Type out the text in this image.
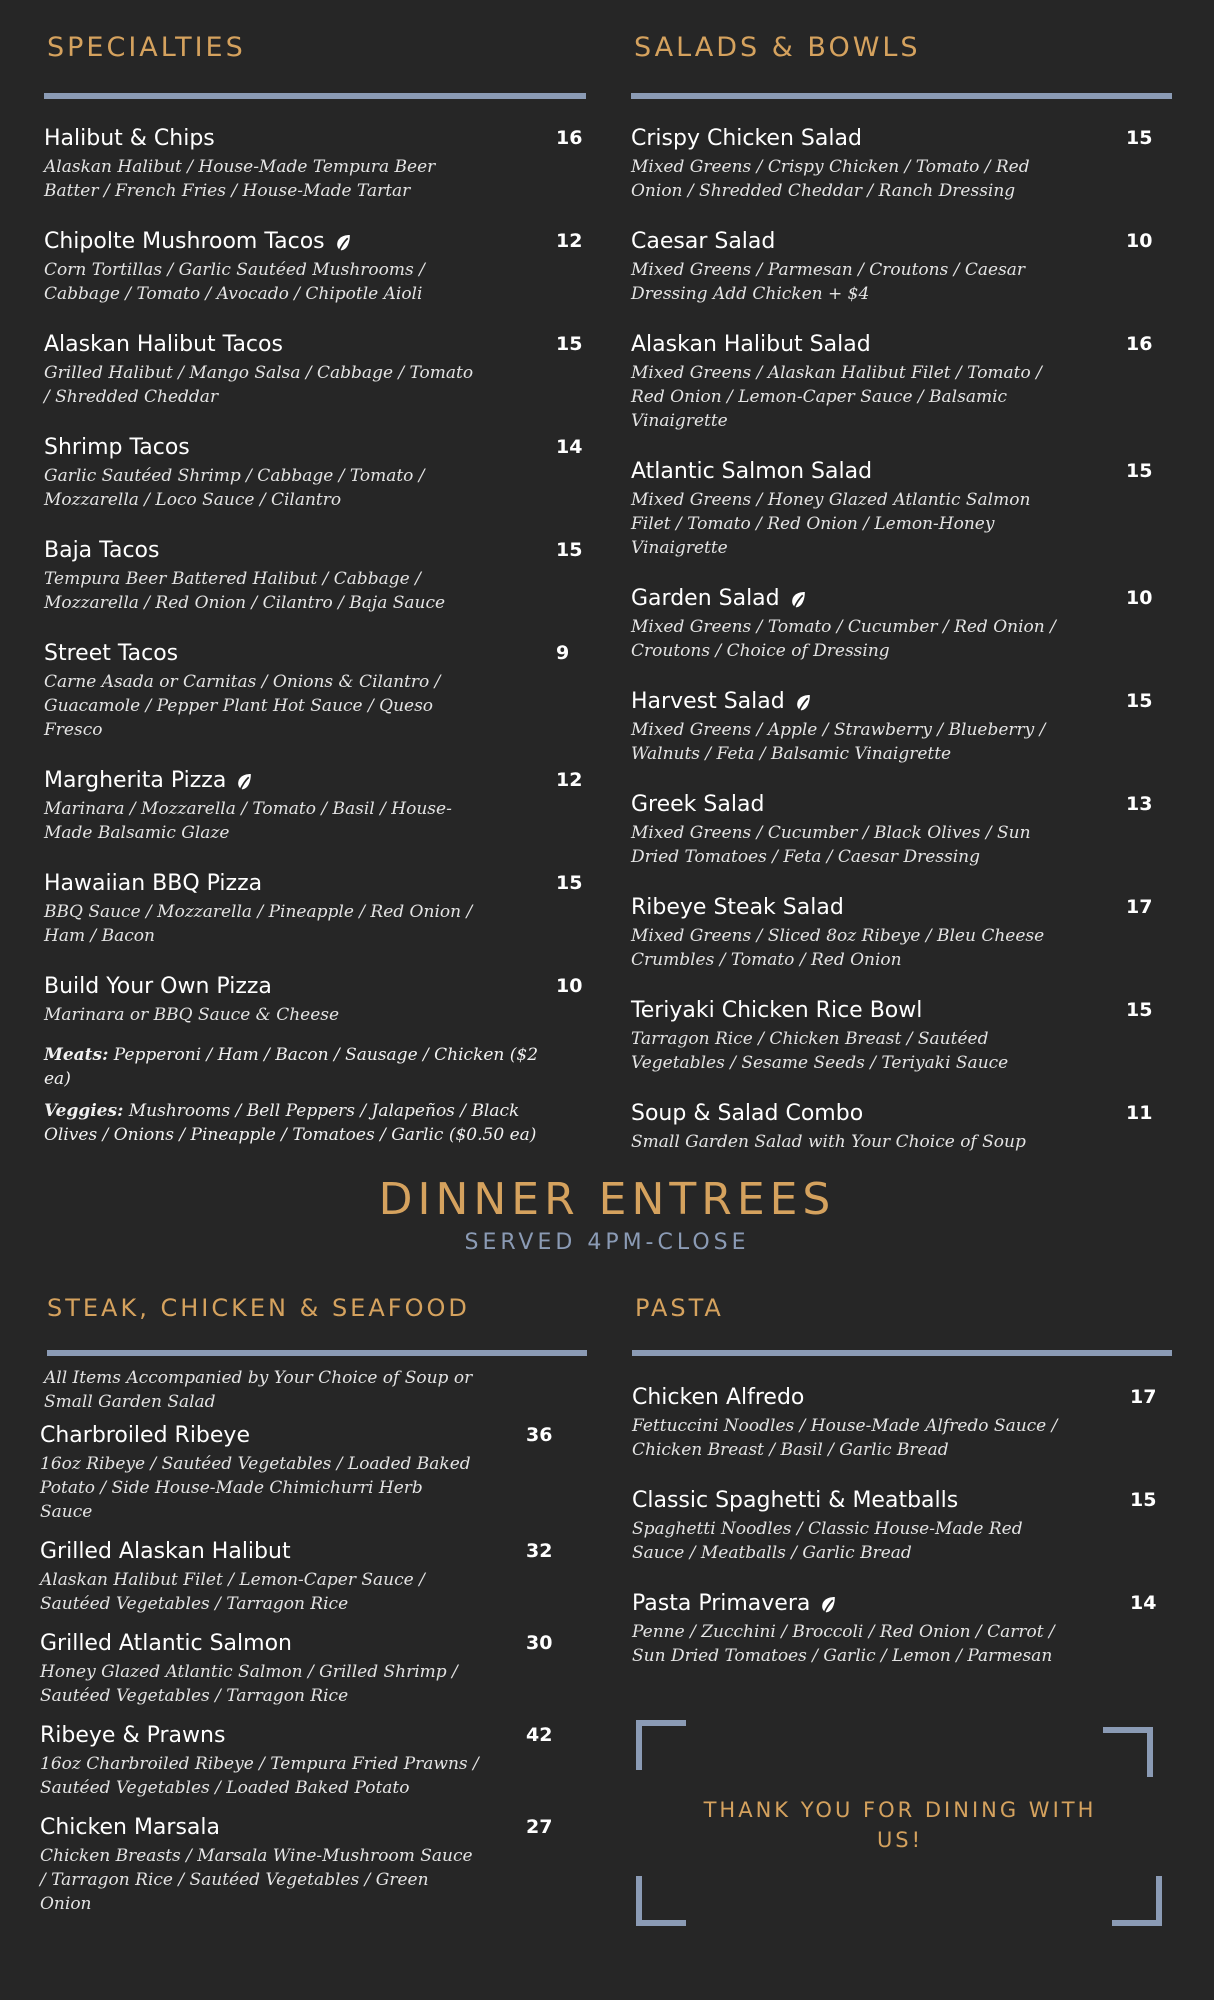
SPECIALTIES
Halibut & Chips	16
Alaskan Halibut / House-Made Tempura Beer Batter / French Fries / House-Made Tartar
Chipolte Mushroom Tacos	12
Corn Tortillas / Garlic Sautéed Mushrooms / Cabbage / Tomato / Avocado / Chipotle Aioli
Alaskan Halibut Tacos	15
Grilled Halibut / Mango Salsa / Cabbage / Tomato / Shredded Cheddar
Shrimp Tacos	14
Garlic Sautéed Shrimp / Cabbage / Tomato / Mozzarella / Loco Sauce / Cilantro
Baja Tacos	15
Tempura Beer Battered Halibut / Cabbage / Mozzarella / Red Onion / Cilantro / Baja Sauce
Street Tacos	9
Carne Asada or Carnitas / Onions & Cilantro / Guacamole / Pepper Plant Hot Sauce / Queso Fresco
Margherita Pizza	12
Marinara / Mozzarella / Tomato / Basil / House-Made Balsamic Glaze
Hawaiian BBQ Pizza	15
BBQ Sauce / Mozzarella / Pineapple / Red Onion / Ham / Bacon
Build Your Own Pizza	10
Marinara or BBQ Sauce & Cheese
Meats: Pepperoni / Ham / Bacon / Sausage / Chicken ($2 ea)
Veggies: Mushrooms / Bell Peppers / Jalapeños / Black Olives / Onions / Pineapple / Tomatoes / Garlic ($0.50 ea)
SALADS & BOWLS
Crispy Chicken Salad	15
Mixed Greens / Crispy Chicken / Tomato / Red Onion / Shredded Cheddar / Ranch Dressing
Caesar Salad	10
Mixed Greens / Parmesan / Croutons / Caesar Dressing Add Chicken + $4
Alaskan Halibut Salad	16
Mixed Greens / Alaskan Halibut Filet / Tomato / Red Onion / Lemon-Caper Sauce / Balsamic Vinaigrette
Atlantic Salmon Salad	15
Mixed Greens / Honey Glazed Atlantic Salmon Filet / Tomato / Red Onion / Lemon-Honey Vinaigrette
Garden Salad	10
Mixed Greens / Tomato / Cucumber / Red Onion / Croutons / Choice of Dressing
Harvest Salad	15
Mixed Greens / Apple / Strawberry / Blueberry / Walnuts / Feta / Balsamic Vinaigrette
Greek Salad	13
Mixed Greens / Cucumber / Black Olives / Sun Dried Tomatoes / Feta / Caesar Dressing
Ribeye Steak Salad	17
Mixed Greens / Sliced 8oz Ribeye / Bleu Cheese Crumbles / Tomato / Red Onion
Teriyaki Chicken Rice Bowl	15
Tarragon Rice / Chicken Breast / Sautéed Vegetables / Sesame Seeds / Teriyaki Sauce
Soup & Salad Combo	11
Small Garden Salad with Your Choice of Soup
DINNER ENTREES
SERVED 4PM-CLOSE
STEAK, CHICKEN & SEAFOOD
All Items Accompanied by Your Choice of Soup or Small Garden Salad
Charbroiled Ribeye	36
16oz Ribeye / Sautéed Vegetables / Loaded Baked Potato / Side House-Made Chimichurri Herb Sauce
Grilled Alaskan Halibut	32
Alaskan Halibut Filet / Lemon-Caper Sauce / Sautéed Vegetables / Tarragon Rice
Grilled Atlantic Salmon	30
Honey Glazed Atlantic Salmon / Grilled Shrimp / Sautéed Vegetables / Tarragon Rice
Ribeye & Prawns	42
16oz Charbroiled Ribeye / Tempura Fried Prawns / Sautéed Vegetables / Loaded Baked Potato
Chicken Marsala	27
Chicken Breasts / Marsala Wine-Mushroom Sauce / Tarragon Rice / Sautéed Vegetables / Green Onion
PASTA
Chicken Alfredo	17
Fettuccini Noodles / House-Made Alfredo Sauce / Chicken Breast / Basil / Garlic Bread
Classic Spaghetti & Meatballs	15
Spaghetti Noodles / Classic House-Made Red Sauce / Meatballs / Garlic Bread
Pasta Primavera	14
Penne / Zucchini / Broccoli / Red Onion / Carrot / Sun Dried Tomatoes / Garlic / Lemon / Parmesan
THANK YOU FOR DINING WITH US!
